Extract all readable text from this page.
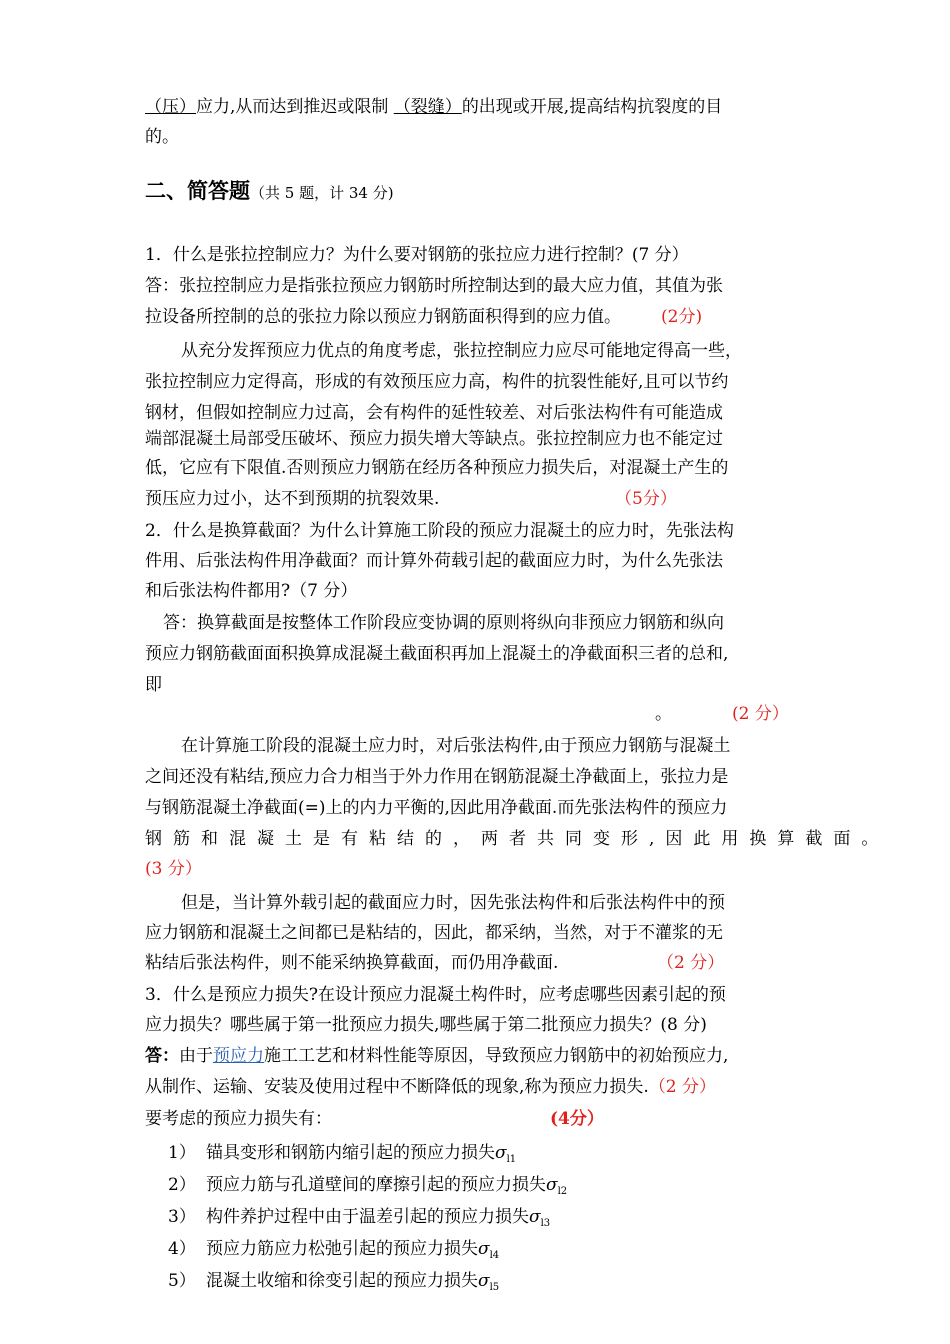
（压）应力,从而达到推迟或限制 （裂缝）的出现或开展,提高结构抗裂度的目
的。
二、简答题（共 5 题，计 34 分)
1．什么是张拉控制应力？为什么要对钢筋的张拉应力进行控制？(7 分）
答：张拉控制应力是指张拉预应力钢筋时所控制达到的最大应力值，其值为张
拉设备所控制的总的张拉力除以预应力钢筋面积得到的应力值。 (2分)
从充分发挥预应力优点的角度考虑，张拉控制应力应尽可能地定得高一些，
张拉控制应力定得高，形成的有效预压应力高，构件的抗裂性能好,且可以节约
钢材，但假如控制应力过高，会有构件的延性较差、对后张法构件有可能造成
端部混凝土局部受压破坏、预应力损失增大等缺点。张拉控制应力也不能定过
低，它应有下限值.否则预应力钢筋在经历各种预应力损失后，对混凝土产生的
预压应力过小，达不到预期的抗裂效果.	（5分）
2．什么是换算截面？为什么计算施工阶段的预应力混凝土的应力时，先张法构
件用、后张法构件用净截面？而计算外荷载引起的截面应力时，为什么先张法
和后张法构件都用?（7 分）
答：换算截面是按整体工作阶段应变协调的原则将纵向非预应力钢筋和纵向
预应力钢筋截面面积换算成混凝土截面积再加上混凝土的净截面积三者的总和,
即
。	(2 分）
在计算施工阶段的混凝土应力时，对后张法构件,由于预应力钢筋与混凝土
之间还没有粘结,预应力合力相当于外力作用在钢筋混凝土净截面上，张拉力是
与钢筋混凝土净截面(=)上的内力平衡的,因此用净截面.而先张法构件的预应力
钢筋和混凝土是有粘结的，两者共同变形,因此用换算截面。
(3 分）
但是，当计算外载引起的截面应力时，因先张法构件和后张法构件中的预
应力钢筋和混凝土之间都已是粘结的，因此，都采纳，当然，对于不灌浆的无
粘结后张法构件，则不能采纳换算截面，而仍用净截面.	（2 分）
3．什么是预应力损失?在设计预应力混凝土构件时，应考虑哪些因素引起的预
应力损失？哪些属于第一批预应力损失,哪些属于第二批预应力损失？(8 分)
答：由于预应力施工工艺和材料性能等原因，导致预应力钢筋中的初始预应力,
从制作、运输、安装及使用过程中不断降低的现象,称为预应力损失.（2 分）
要考虑的预应力损失有：	(4分）
1） 锚具变形和钢筋内缩引起的预应力损失$\sigma_{l1}$
2） 预应力筋与孔道壁间的摩擦引起的预应力损失$\sigma_{l2}$
3） 构件养护过程中由于温差引起的预应力损失$\sigma_{l3}$
4） 预应力筋应力松弛引起的预应力损失$\sigma_{l4}$
5） 混凝土收缩和徐变引起的预应力损失$\sigma_{l5}$
